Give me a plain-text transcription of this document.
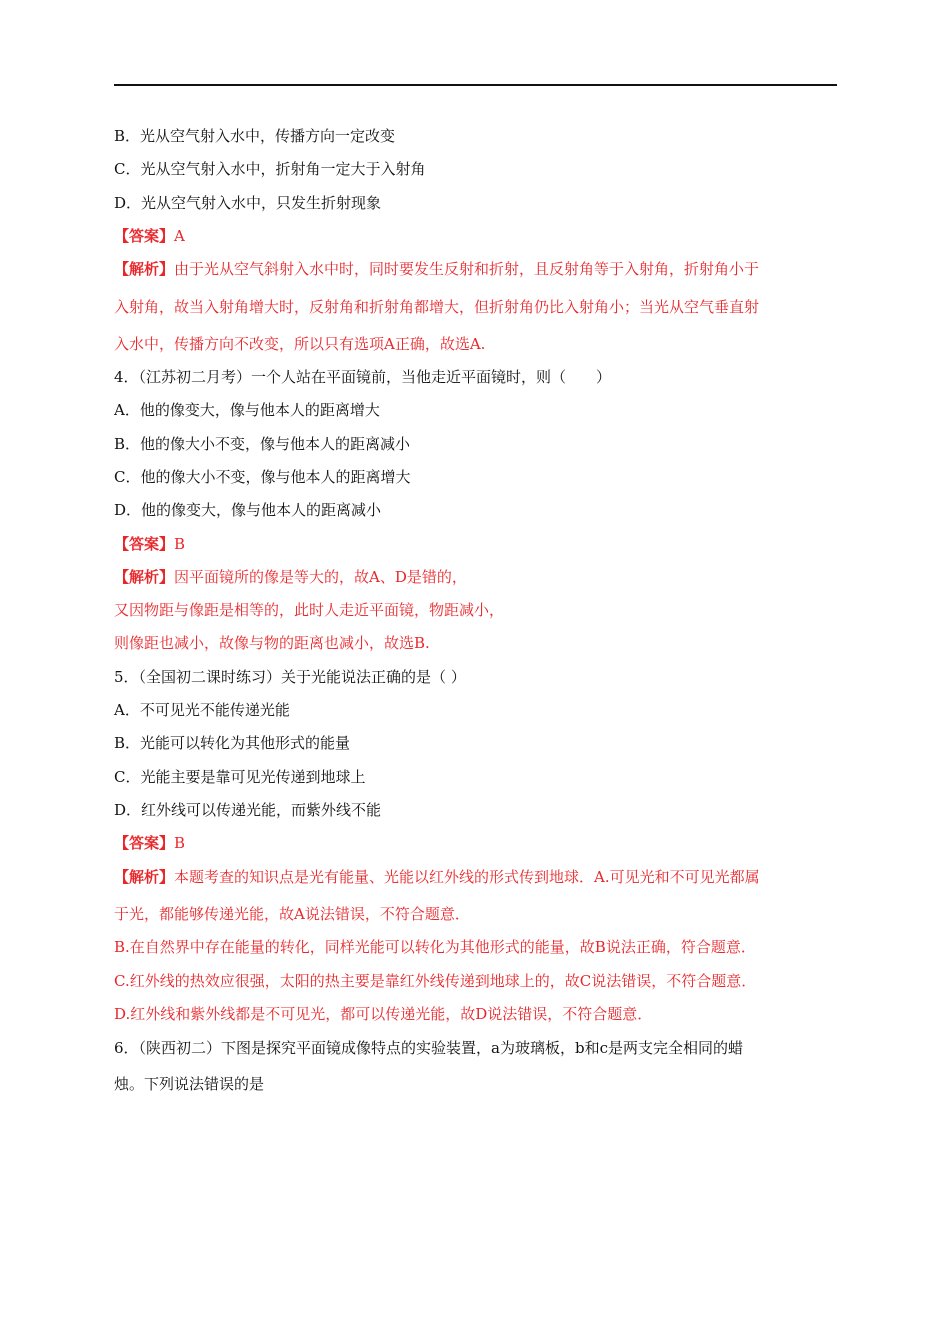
B．光从空气射入水中，传播方向一定改变
C．光从空气射入水中，折射角一定大于入射角
D．光从空气射入水中，只发生折射现象
【答案】A
【解析】由于光从空气斜射入水中时，同时要发生反射和折射，且反射角等于入射角，折射角小于
入射角，故当入射角增大时，反射角和折射角都增大，但折射角仍比入射角小；当光从空气垂直射
入水中，传播方向不改变，所以只有选项A正确，故选A.
4．（江苏初二月考）一个人站在平面镜前，当他走近平面镜时，则（　　）
A．他的像变大，像与他本人的距离增大
B．他的像大小不变，像与他本人的距离减小
C．他的像大小不变，像与他本人的距离增大
D．他的像变大，像与他本人的距离减小
【答案】B
【解析】因平面镜所的像是等大的，故A、D是错的，
又因物距与像距是相等的，此时人走近平面镜，物距减小，
则像距也减小，故像与物的距离也减小，故选B.
5．（全国初二课时练习）关于光能说法正确的是（ ）
A．不可见光不能传递光能
B．光能可以转化为其他形式的能量
C．光能主要是靠可见光传递到地球上
D．红外线可以传递光能，而紫外线不能
【答案】B
【解析】本题考查的知识点是光有能量、光能以红外线的形式传到地球．A.可见光和不可见光都属
于光，都能够传递光能，故A说法错误，不符合题意．
B.在自然界中存在能量的转化，同样光能可以转化为其他形式的能量，故B说法正确，符合题意．
C.红外线的热效应很强，太阳的热主要是靠红外线传递到地球上的，故C说法错误，不符合题意．
D.红外线和紫外线都是不可见光，都可以传递光能，故D说法错误，不符合题意．
6．（陕西初二）下图是探究平面镜成像特点的实验装置，a为玻璃板，b和c是两支完全相同的蜡
烛。下列说法错误的是
